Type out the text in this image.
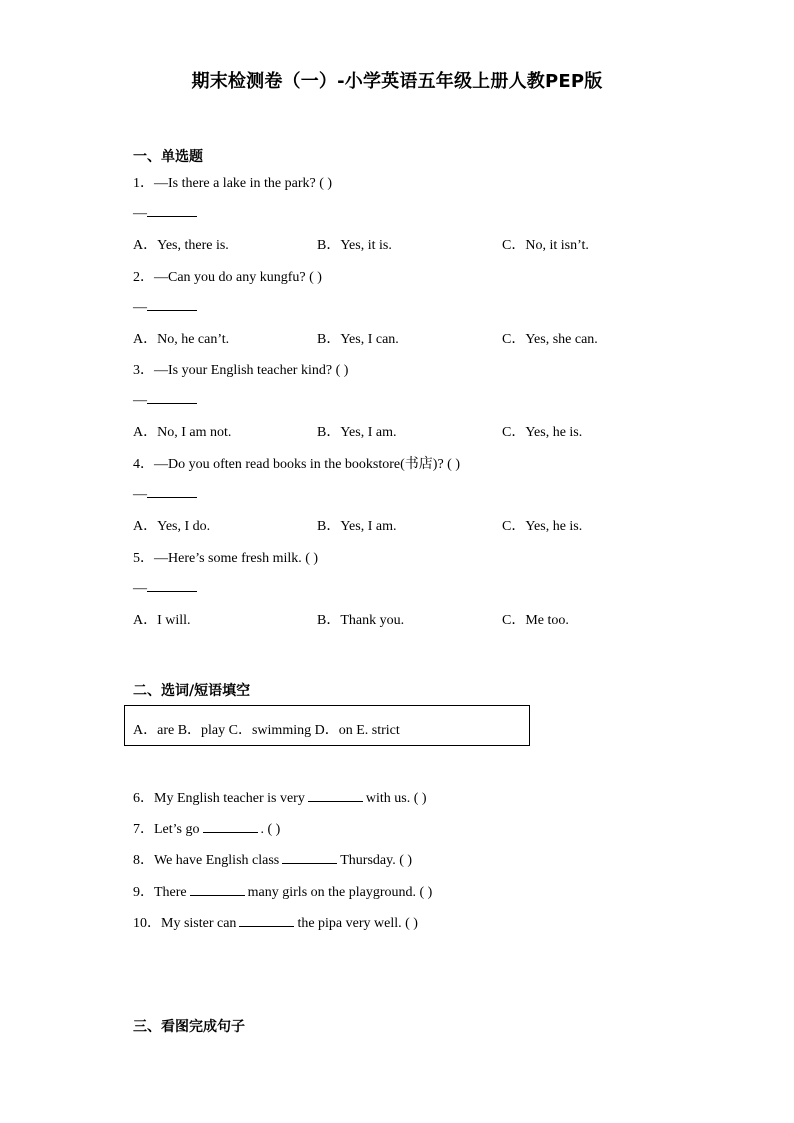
期末检测卷（一）-小学英语五年级上册人教PEP版
一、单选题
1．—Is there a lake in the park? ( )
—
A．Yes, there is.	B．Yes, it is.	C．No, it isn’t.
2．—Can you do any kungfu? ( )
—
A．No, he can’t.	B．Yes, I can.	C．Yes, she can.
3．—Is your English teacher kind? ( )
—
A．No, I am not.	B．Yes, I am.	C．Yes, he is.
4．—Do you often read books in the bookstore(书店)? ( )
—
A．Yes, I do.	B．Yes, I am.	C．Yes, he is.
5．—Here’s some fresh milk. ( )
—
A．I will.	B．Thank you.	C．Me too.
二、选词/短语填空
A．are B．play C．swimming D．on E. strict
6．My English teacher is very	with us. ( )
7．Let’s go	. ( )
8．We have English class	Thursday. ( )
9．There	many girls on the playground. ( )
10．My sister can	the pipa very well. ( )
三、看图完成句子
